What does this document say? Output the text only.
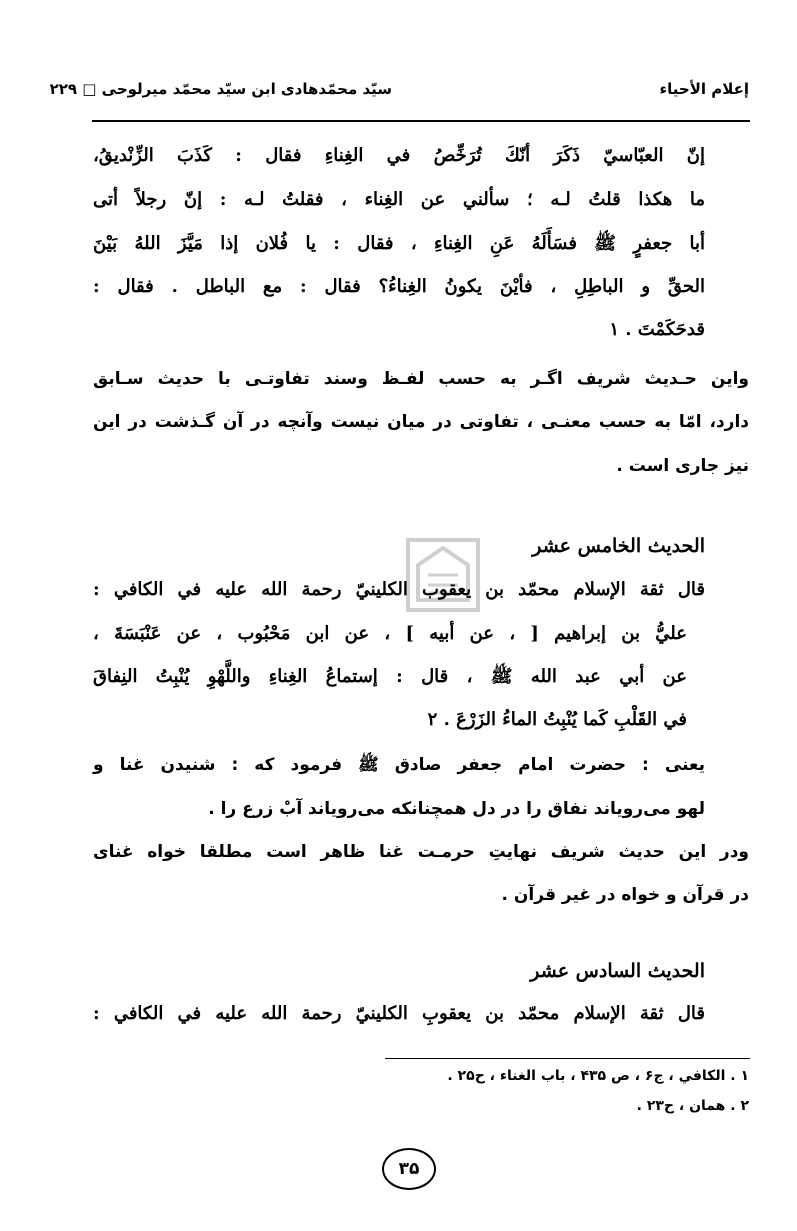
سیّد محمّدهادی ابن سیّد محمّد میرلوحی □ ۲۲۹	إعلام الأحیاء
إنّ العبّاسيّ ذَكَرَ أنّكَ تُرَخِّصُ في الغِناءِ فقال : كَذَبَ الزِّنْديقُ،
ما هكذا قلتُ لـه ؛ سألني عن الغِناء ، فقلتُ لـه : إنّ رجلاً أتى
أبا جعفرٍ ﷺ فسَأَلَهُ عَنِ الغِناءِ ، فقال : يا فُلان إذا مَيَّزَ اللهُ بَيْنَ
الحقِّ و الباطِلِ ، فأيْنَ يكونُ الغِناءُ؟ فقال : مع الباطل . فقال :
قدحَكَمْتَ . ۱
واین حـدیث شریف اگـر به حسب لفـظ وسند تفاوتـی با حدیث سـابق
دارد، امّا به حسب معنـی ، تفاوتی در میان نیست وآنچه در آن گـذشت در این
نیز جاری است .
الحديث الخامس عشر
قال ثقة الإسلام محمّد بن يعقوب الكلينيّ رحمة الله عليه في الكافي :
عليُّ بن إبراهيم [ ، عن أبيه ] ، عن ابن مَحْبُوب ، عن عَنْبَسَةَ ،
عن أبي عبد الله ﷺ ، قال : إستماعُ الغِناءِ واللَّهْوِ يُنْبِتُ النِفاقَ
في القَلْبِ كَما يُنْبِتُ الماءُ الزَرْعَ . ۲
یعنی : حضرت امام جعفر صادق ﷺ فرمود که : شنیدن غنا و
لهو می‌رویاند نفاق را در دل همچنانکه می‌رویاند آبْ زرع را .
ودر این حدیث شریف نهایتِ حرمـت غنا ظاهر است مطلقا خواه غنای
در قرآن و خواه در غیر قرآن .
الحديث السادس عشر
قال ثقة الإسلام محمّد بن يعقوبِ الكلينيّ رحمة الله عليه في الكافي :
۱ . الكافي ، ج۶ ، ص ۴۳۵ ، باب الغناء ، ح۲۵ .
۲ . همان ، ح۲۳ .
۳۵
